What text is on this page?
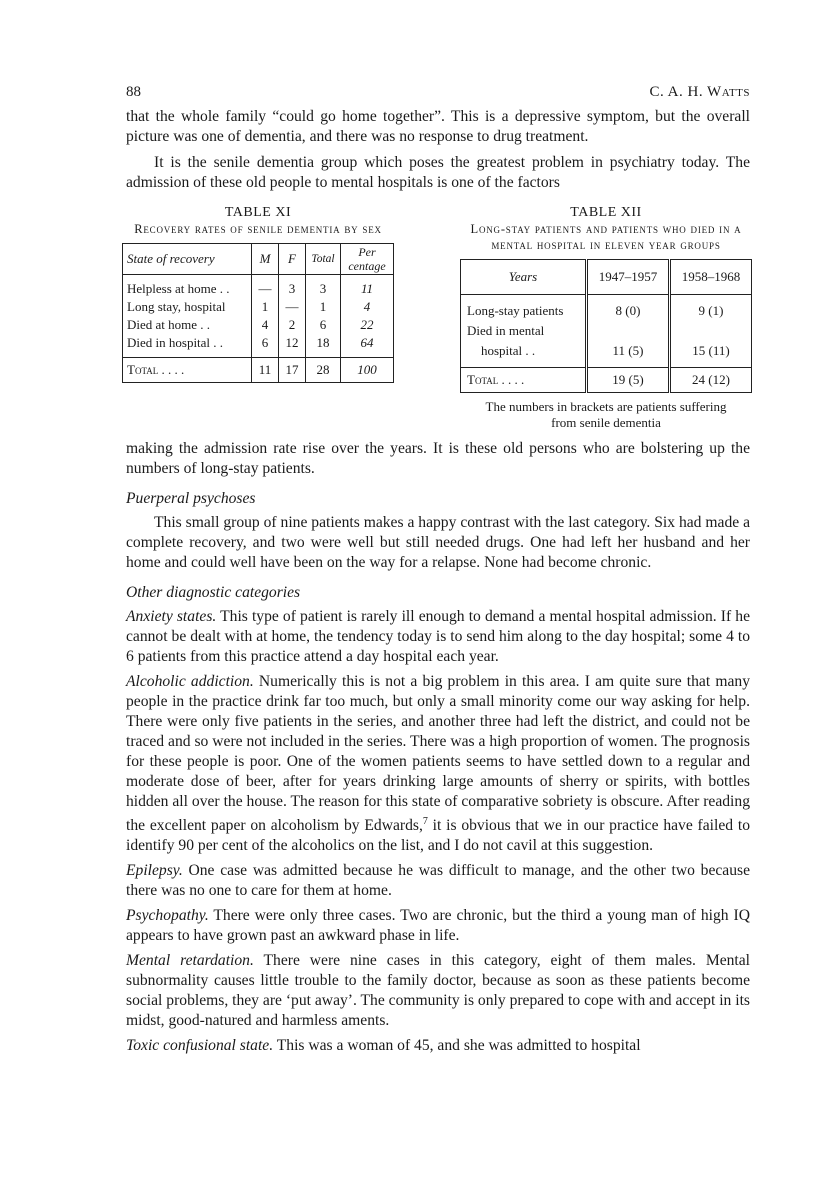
88	C. A. H. Watts

that the whole family “could go home together”. This is a depressive symptom, but the overall picture was one of dementia, and there was no response to drug treatment.

It is the senile dementia group which poses the greatest problem in psychiatry today. The admission of these old people to mental hospitals is one of the factors

TABLE XI
Recovery rates of senile dementia by sex
State of recovery	M	F	Total	Per centage
Helpless at home . .	—	3	3	11
Long stay, hospital	1	—	1	4
Died at home . .	4	2	6	22
Died in hospital . .	6	12	18	64
Total . . . .	11	17	28	100
TABLE XII
Long-stay patients and patients who died in a
mental hospital in eleven year groups
Years	1947–1957	1958–1968
Long-stay patients	8 (0)	9 (1)
Died in mental		
hospital . .	11 (5)	15 (11)
Total . . . .	19 (5)	24 (12)
The numbers in brackets are patients suffering
from senile dementia

making the admission rate rise over the years. It is these old persons who are bolstering up the numbers of long-stay patients.

Puerperal psychoses

This small group of nine patients makes a happy contrast with the last category. Six had made a complete recovery, and two were well but still needed drugs. One had left her husband and her home and could well have been on the way for a relapse. None had become chronic.

Other diagnostic categories

Anxiety states. This type of patient is rarely ill enough to demand a mental hospital admission. If he cannot be dealt with at home, the tendency today is to send him along to the day hospital; some 4 to 6 patients from this practice attend a day hospital each year.

Alcoholic addiction. Numerically this is not a big problem in this area. I am quite sure that many people in the practice drink far too much, but only a small minority come our way asking for help. There were only five patients in the series, and another three had left the district, and could not be traced and so were not included in the series. There was a high proportion of women. The prognosis for these people is poor. One of the women patients seems to have settled down to a regular and moderate dose of beer, after for years drinking large amounts of sherry or spirits, with bottles hidden all over the house. The reason for this state of comparative sobriety is obscure. After reading the excellent paper on alcoholism by Edwards,$^7$ it is obvious that we in our practice have failed to identify 90 per cent of the alcoholics on the list, and I do not cavil at this suggestion.

Epilepsy. One case was admitted because he was difficult to manage, and the other two because there was no one to care for them at home.

Psychopathy. There were only three cases. Two are chronic, but the third a young man of high IQ appears to have grown past an awkward phase in life.

Mental retardation. There were nine cases in this category, eight of them males. Mental subnormality causes little trouble to the family doctor, because as soon as these patients become social problems, they are ‘put away’. The community is only prepared to cope with and accept in its midst, good-natured and harmless aments.

Toxic confusional state. This was a woman of 45, and she was admitted to hospital
